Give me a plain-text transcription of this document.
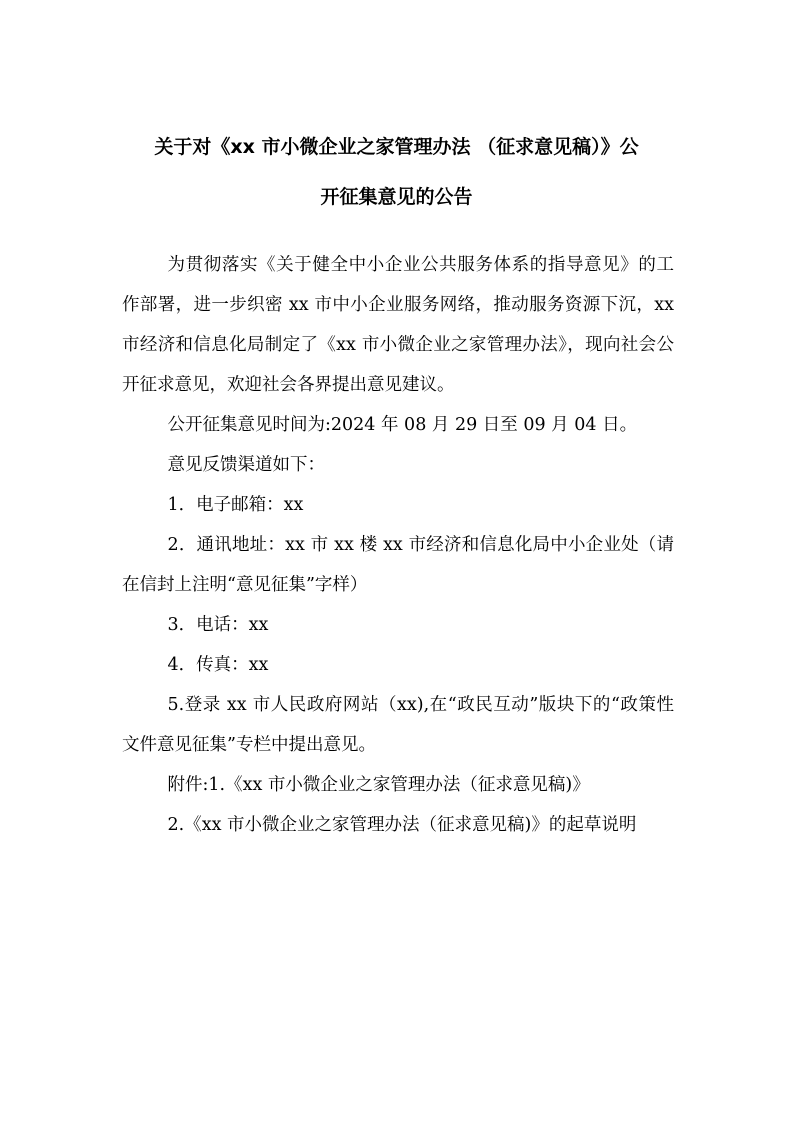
关于对《xx 市小微企业之家管理办法 （征求意见稿）》公
开征集意见的公告

为贯彻落实《关于健全中小企业公共服务体系的指导意见》的工作部署，进一步织密 xx 市中小企业服务网络，推动服务资源下沉，xx 市经济和信息化局制定了《xx 市小微企业之家管理办法》，现向社会公开征求意见，欢迎社会各界提出意见建议。

公开征集意见时间为:2024 年 08 月 29 日至 09 月 04 日。

意见反馈渠道如下：

1．电子邮箱：xx

2．通讯地址：xx 市 xx 楼 xx 市经济和信息化局中小企业处（请在信封上注明“意见征集”字样）

3．电话：xx

4．传真：xx

5.登录 xx 市人民政府网站（xx),在“政民互动”版块下的“政策性文件意见征集”专栏中提出意见。

附件:1.《xx 市小微企业之家管理办法（征求意见稿)》

2.《xx 市小微企业之家管理办法（征求意见稿)》的起草说明
